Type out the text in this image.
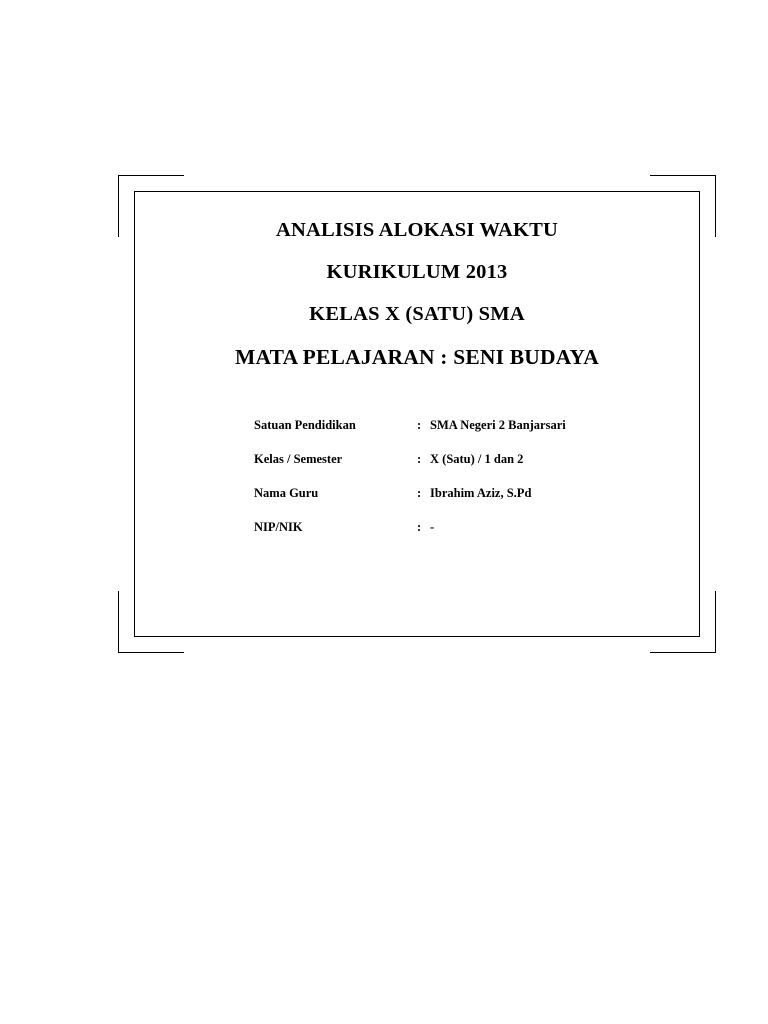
ANALISIS ALOKASI WAKTU
KURIKULUM 2013
KELAS X (SATU) SMA
MATA PELAJARAN : SENI BUDAYA
Satuan Pendidikan	: SMA Negeri 2 Banjarsari
Kelas / Semester	: X (Satu) / 1 dan 2
Nama Guru	: Ibrahim Aziz, S.Pd
NIP/NIK	: -
